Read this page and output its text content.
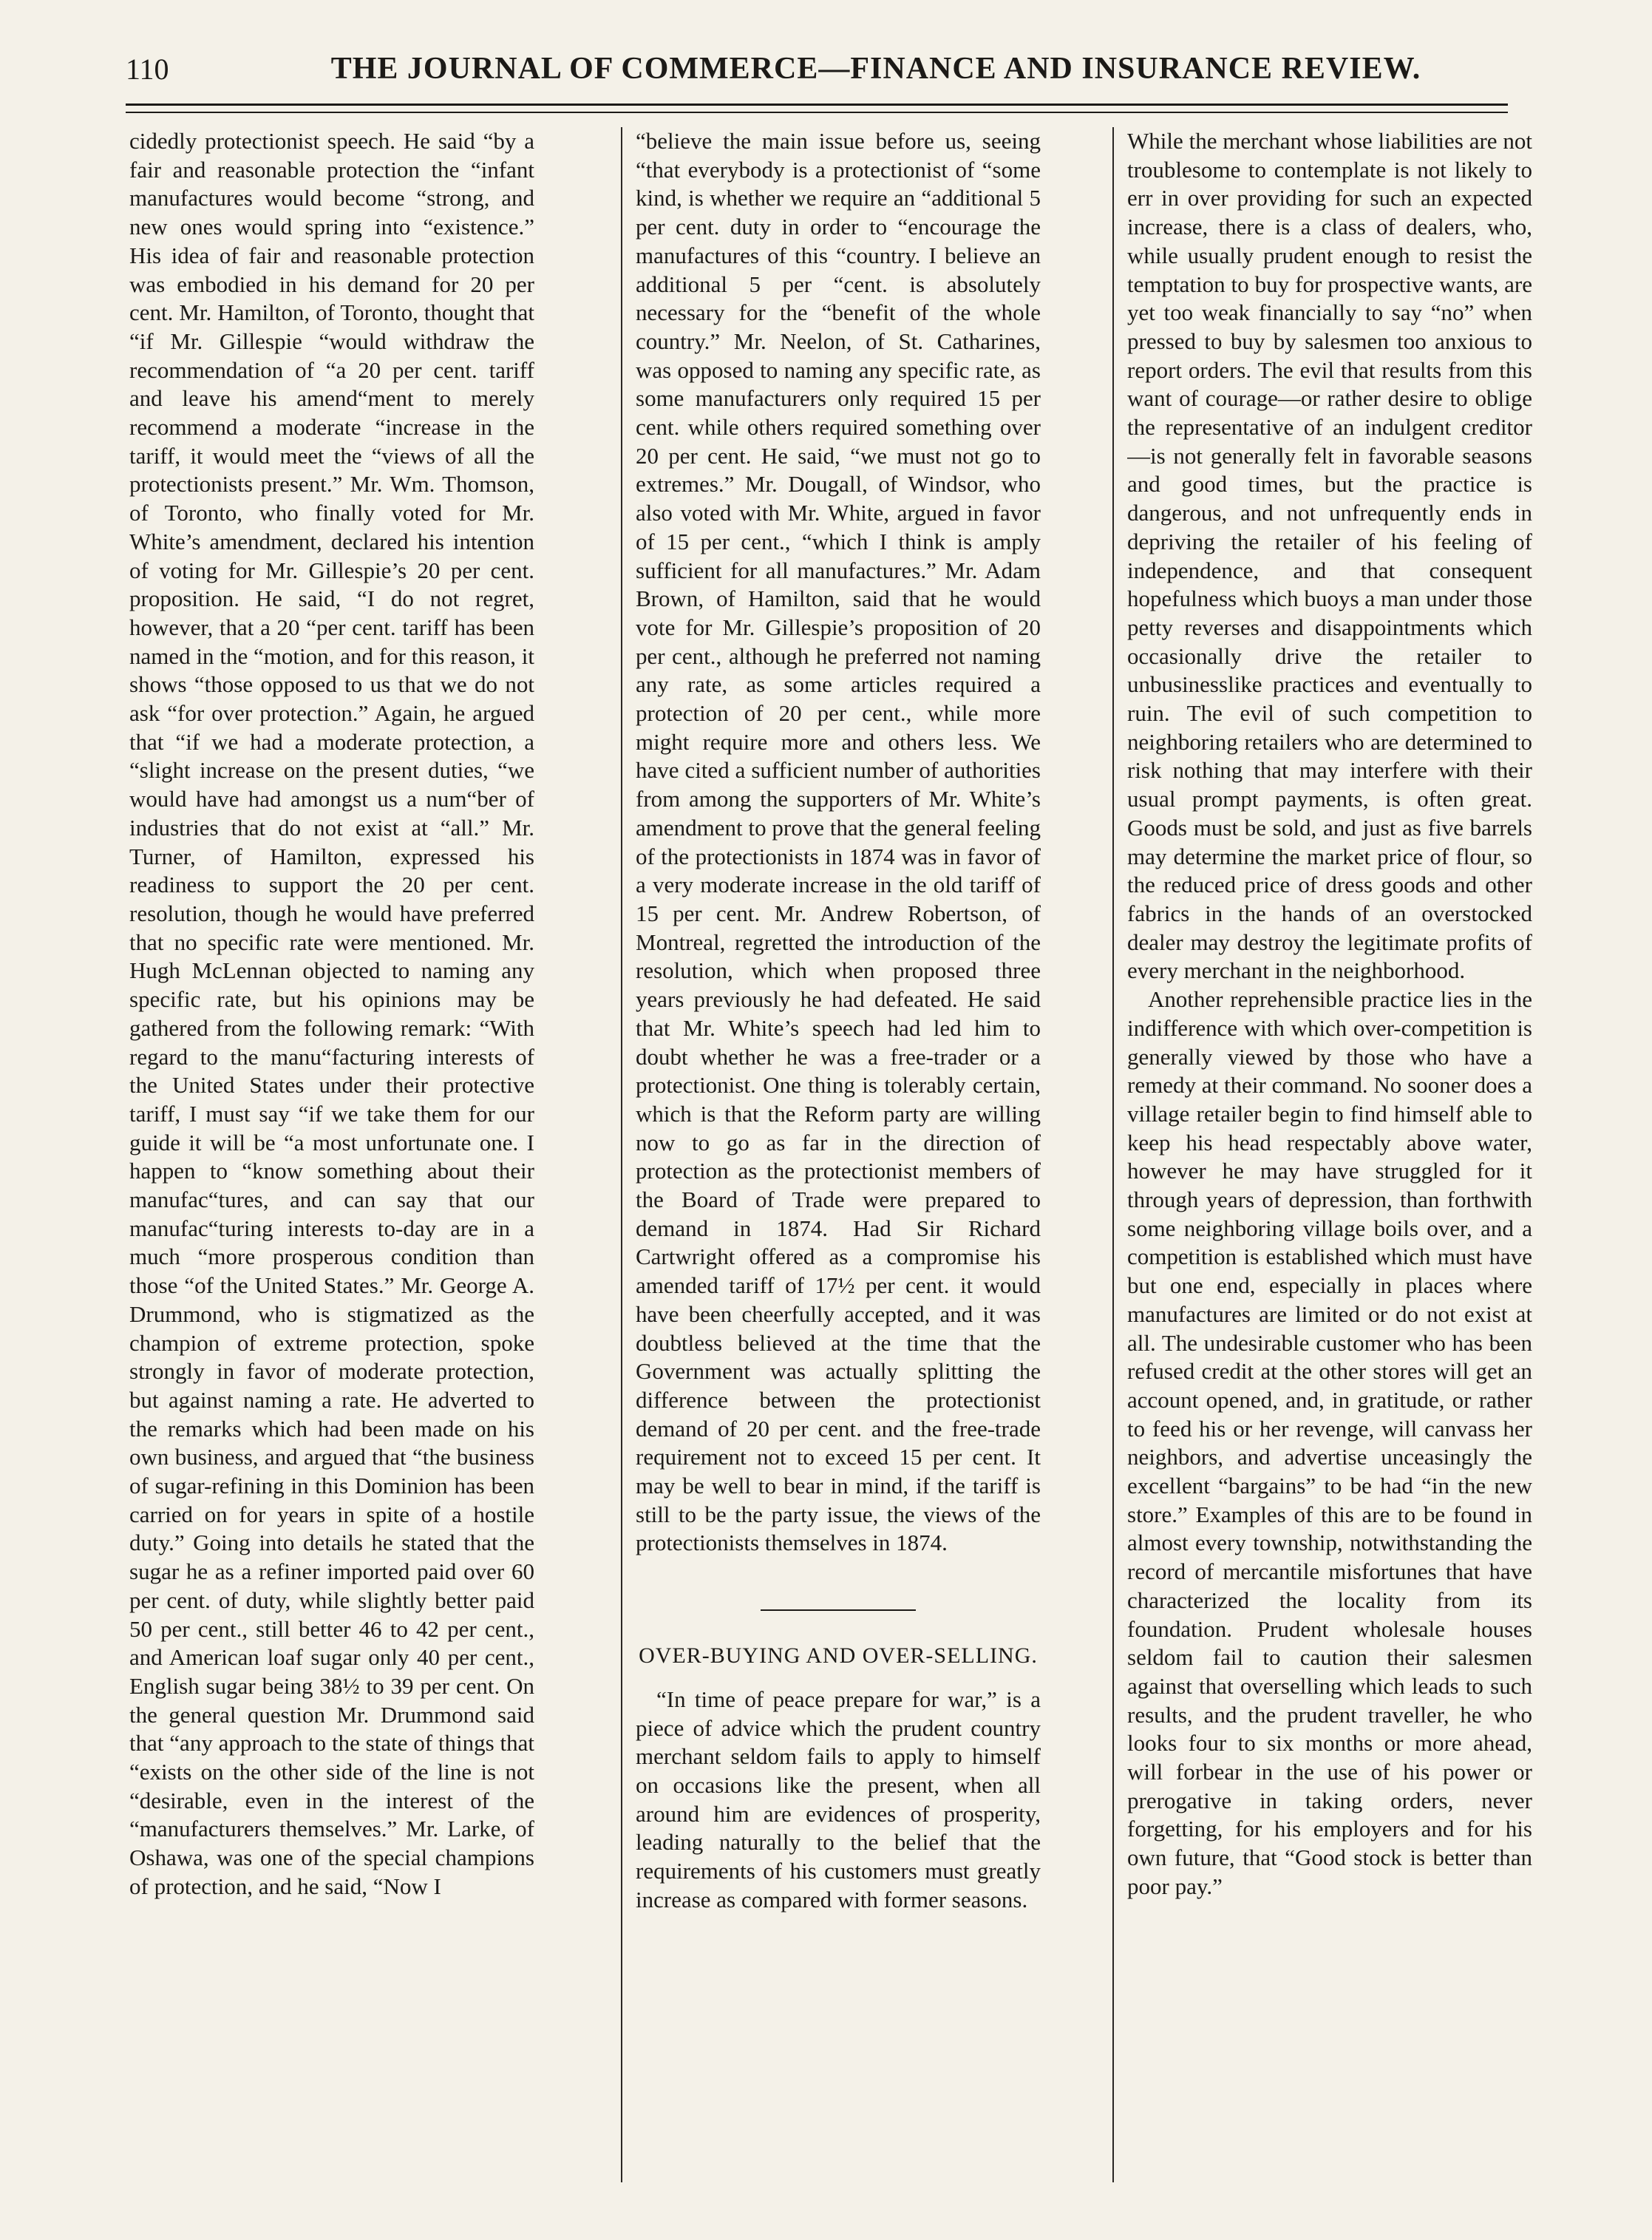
110	THE JOURNAL OF COMMERCE—FINANCE AND INSURANCE REVIEW.

cidedly protectionist speech. He said “by a fair and reasonable protection the “infant manufactures would become “strong, and new ones would spring into “existence.” His idea of fair and reasonable protection was embodied in his demand for 20 per cent. Mr. Hamilton, of Toronto, thought that “if Mr. Gillespie “would withdraw the recommendation of “a 20 per cent. tariff and leave his amend“ment to merely recommend a moderate “increase in the tariff, it would meet the “views of all the protectionists present.” Mr. Wm. Thomson, of Toronto, who finally voted for Mr. White’s amendment, declared his intention of voting for Mr. Gillespie’s 20 per cent. proposition. He said, “I do not regret, however, that a 20 “per cent. tariff has been named in the “motion, and for this reason, it shows “those opposed to us that we do not ask “for over protection.” Again, he argued that “if we had a moderate protection, a “slight increase on the present duties, “we would have had amongst us a num“ber of industries that do not exist at “all.” Mr. Turner, of Hamilton, expressed his readiness to support the 20 per cent. resolution, though he would have preferred that no specific rate were mentioned. Mr. Hugh McLennan objected to naming any specific rate, but his opinions may be gathered from the following remark: “With regard to the manu“facturing interests of the United States under their protective tariff, I must say “if we take them for our guide it will be “a most unfortunate one. I happen to “know something about their manufac“tures, and can say that our manufac“turing interests to-day are in a much “more prosperous condition than those “of the United States.” Mr. George A. Drummond, who is stigmatized as the champion of extreme protection, spoke strongly in favor of moderate protection, but against naming a rate. He adverted to the remarks which had been made on his own business, and argued that “the business of sugar-refining in this Dominion has been carried on for years in spite of a hostile duty.” Going into details he stated that the sugar he as a refiner imported paid over 60 per cent. of duty, while slightly better paid 50 per cent., still better 46 to 42 per cent., and American loaf sugar only 40 per cent., English sugar being 38½ to 39 per cent. On the general question Mr. Drummond said that “any approach to the state of things that “exists on the other side of the line is not “desirable, even in the interest of the “manufacturers themselves.” Mr. Larke, of Oshawa, was one of the special champions of protection, and he said, “Now I

“believe the main issue before us, seeing “that everybody is a protectionist of “some kind, is whether we require an “additional 5 per cent. duty in order to “encourage the manufactures of this “country. I believe an additional 5 per “cent. is absolutely necessary for the “benefit of the whole country.” Mr. Neelon, of St. Catharines, was opposed to naming any specific rate, as some manufacturers only required 15 per cent. while others required something over 20 per cent. He said, “we must not go to extremes.” Mr. Dougall, of Windsor, who also voted with Mr. White, argued in favor of 15 per cent., “which I think is amply sufficient for all manufactures.” Mr. Adam Brown, of Hamilton, said that he would vote for Mr. Gillespie’s proposition of 20 per cent., although he preferred not naming any rate, as some articles required a protection of 20 per cent., while more might require more and others less. We have cited a sufficient number of authorities from among the supporters of Mr. White’s amendment to prove that the general feeling of the protectionists in 1874 was in favor of a very moderate increase in the old tariff of 15 per cent. Mr. Andrew Robertson, of Montreal, regretted the introduction of the resolution, which when proposed three years previously he had defeated. He said that Mr. White’s speech had led him to doubt whether he was a free-trader or a protectionist. One thing is tolerably certain, which is that the Reform party are willing now to go as far in the direction of protection as the protectionist members of the Board of Trade were prepared to demand in 1874. Had Sir Richard Cartwright offered as a compromise his amended tariff of 17½ per cent. it would have been cheerfully accepted, and it was doubtless believed at the time that the Government was actually splitting the difference between the protectionist demand of 20 per cent. and the free-trade requirement not to exceed 15 per cent. It may be well to bear in mind, if the tariff is still to be the party issue, the views of the protectionists themselves in 1874.

OVER-BUYING AND OVER-SELLING.

“In time of peace prepare for war,” is a piece of advice which the prudent country merchant seldom fails to apply to himself on occasions like the present, when all around him are evidences of prosperity, leading naturally to the belief that the requirements of his customers must greatly increase as compared with former seasons.

While the merchant whose liabilities are not troublesome to contemplate is not likely to err in over providing for such an expected increase, there is a class of dealers, who, while usually prudent enough to resist the temptation to buy for prospective wants, are yet too weak financially to say “no” when pressed to buy by salesmen too anxious to report orders. The evil that results from this want of courage—or rather desire to oblige the representative of an indulgent creditor—is not generally felt in favorable seasons and good times, but the practice is dangerous, and not unfrequently ends in depriving the retailer of his feeling of independence, and that consequent hopefulness which buoys a man under those petty reverses and disappointments which occasionally drive the retailer to unbusinesslike practices and eventually to ruin. The evil of such competition to neighboring retailers who are determined to risk nothing that may interfere with their usual prompt payments, is often great. Goods must be sold, and just as five barrels may determine the market price of flour, so the reduced price of dress goods and other fabrics in the hands of an overstocked dealer may destroy the legitimate profits of every merchant in the neighborhood.

Another reprehensible practice lies in the indifference with which over-competition is generally viewed by those who have a remedy at their command. No sooner does a village retailer begin to find himself able to keep his head respectably above water, however he may have struggled for it through years of depression, than forthwith some neighboring village boils over, and a competition is established which must have but one end, especially in places where manufactures are limited or do not exist at all. The undesirable customer who has been refused credit at the other stores will get an account opened, and, in gratitude, or rather to feed his or her revenge, will canvass her neighbors, and advertise unceasingly the excellent “bargains” to be had “in the new store.” Examples of this are to be found in almost every township, notwithstanding the record of mercantile misfortunes that have characterized the locality from its foundation. Prudent wholesale houses seldom fail to caution their salesmen against that overselling which leads to such results, and the prudent traveller, he who looks four to six months or more ahead, will forbear in the use of his power or prerogative in taking orders, never forgetting, for his employers and for his own future, that “Good stock is better than poor pay.”
